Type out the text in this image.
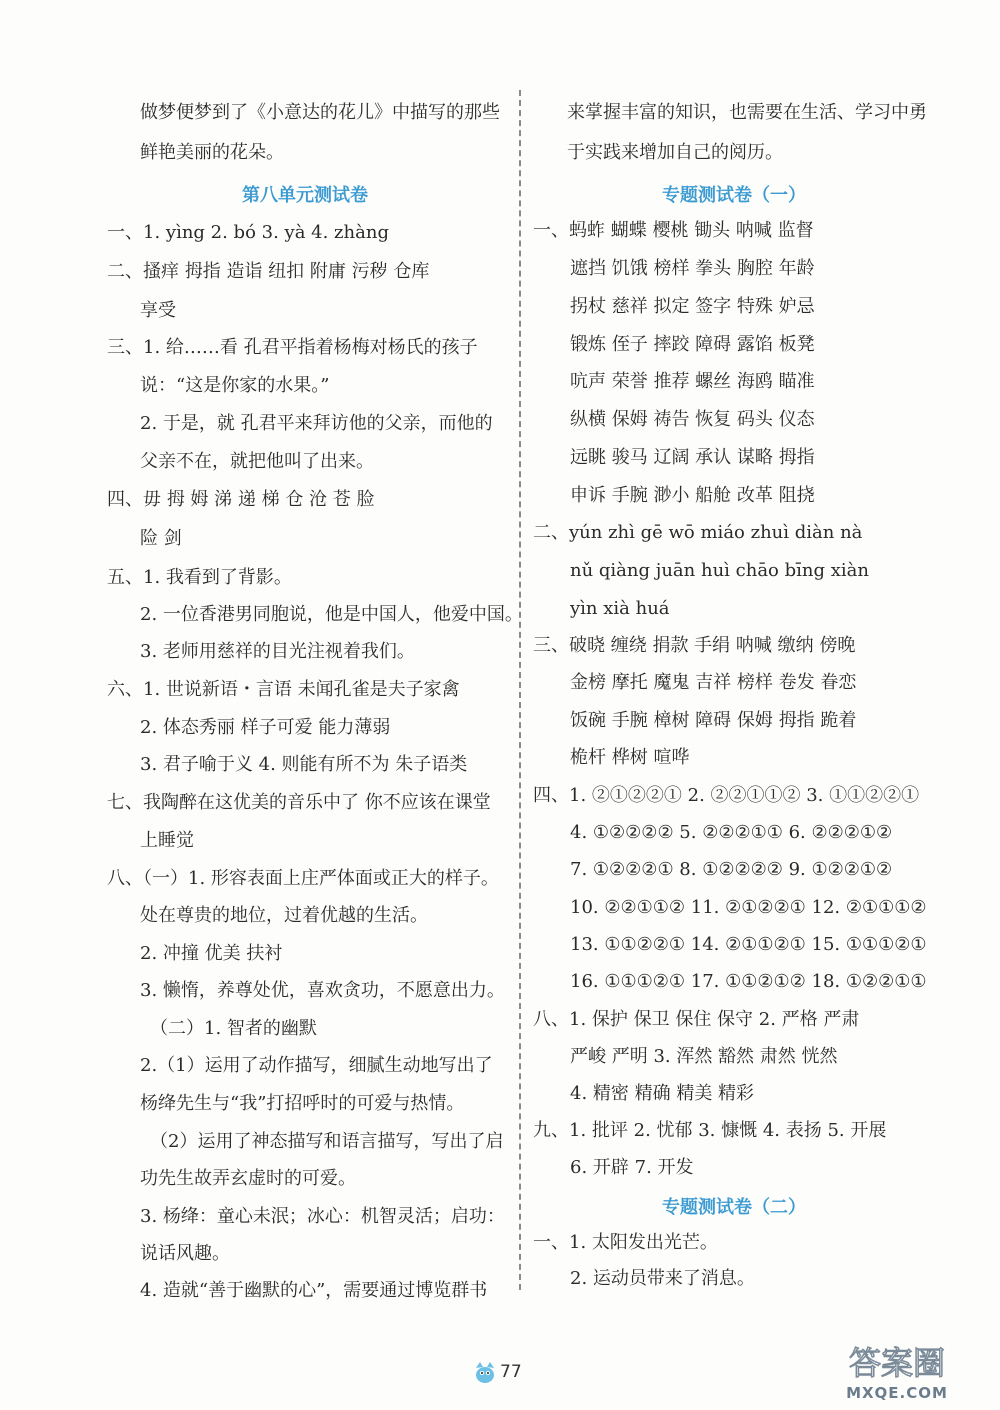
做梦便梦到了《小意达的花儿》中描写的那些
鲜艳美丽的花朵。
第八单元测试卷
一、1. yìng 2. bó 3. yà 4. zhàng
二、搔痒 拇指 造诣 纽扣 附庸 污秽 仓库
享受
三、1. 给……看 孔君平指着杨梅对杨氏的孩子
说：“这是你家的水果。”
2. 于是，就 孔君平来拜访他的父亲，而他的
父亲不在，就把他叫了出来。
四、毋 拇 姆 涕 递 梯 仓 沧 苍 脸
险 剑
五、1. 我看到了背影。
2. 一位香港男同胞说，他是中国人，他爱中国。
3. 老师用慈祥的目光注视着我们。
六、1. 世说新语・言语 未闻孔雀是夫子家禽
2. 体态秀丽 样子可爱 能力薄弱
3. 君子喻于义 4. 则能有所不为 朱子语类
七、我陶醉在这优美的音乐中了 你不应该在课堂
上睡觉
八、（一）1. 形容表面上庄严体面或正大的样子。
处在尊贵的地位，过着优越的生活。
2. 冲撞 优美 扶衬
3. 懒惰，养尊处优，喜欢贪功，不愿意出力。
（二）1. 智者的幽默
2.（1）运用了动作描写，细腻生动地写出了
杨绛先生与“我”打招呼时的可爱与热情。
（2）运用了神态描写和语言描写，写出了启
功先生故弄玄虚时的可爱。
3. 杨绛：童心未泯；冰心：机智灵活；启功：
说话风趣。
4. 造就“善于幽默的心”，需要通过博览群书
来掌握丰富的知识，也需要在生活、学习中勇
于实践来增加自己的阅历。
专题测试卷（一）
一、蚂蚱 蝴蝶 樱桃 锄头 呐喊 监督
遮挡 饥饿 榜样 拳头 胸腔 年龄
拐杖 慈祥 拟定 签字 特殊 妒忌
锻炼 侄子 摔跤 障碍 露馅 板凳
吭声 荣誉 推荐 螺丝 海鸥 瞄准
纵横 保姆 祷告 恢复 码头 仪态
远眺 骏马 辽阔 承认 谋略 拇指
申诉 手腕 渺小 船舱 改革 阻挠
二、yún zhì gē wō miáo zhuì diàn nà
nǔ qiàng juān huì chāo bīng xiàn
yìn xià huá
三、破晓 缠绕 捐款 手绢 呐喊 缴纳 傍晚
金榜 摩托 魔鬼 吉祥 榜样 卷发 眷恋
饭碗 手腕 樟树 障碍 保姆 拇指 跪着
桅杆 桦树 喧哗
四、1. ②①②②① 2. ②②①①② 3. ①①②②①
4. ①②②②② 5. ②②②①① 6. ②②②①②
7. ①②②②① 8. ①②②②② 9. ①②②①②
10. ②②①①② 11. ②①②②① 12. ②①①①②
13. ①①②②① 14. ②①①②① 15. ①①①②①
16. ①①①②① 17. ①①②①② 18. ①②②①①
八、1. 保护 保卫 保住 保守 2. 严格 严肃
严峻 严明 3. 浑然 豁然 肃然 恍然
4. 精密 精确 精美 精彩
九、1. 批评 2. 忧郁 3. 慷慨 4. 表扬 5. 开展
6. 开辟 7. 开发
专题测试卷（二）
一、1. 太阳发出光芒。
2. 运动员带来了消息。
77	答案圈
MXQE.COM
